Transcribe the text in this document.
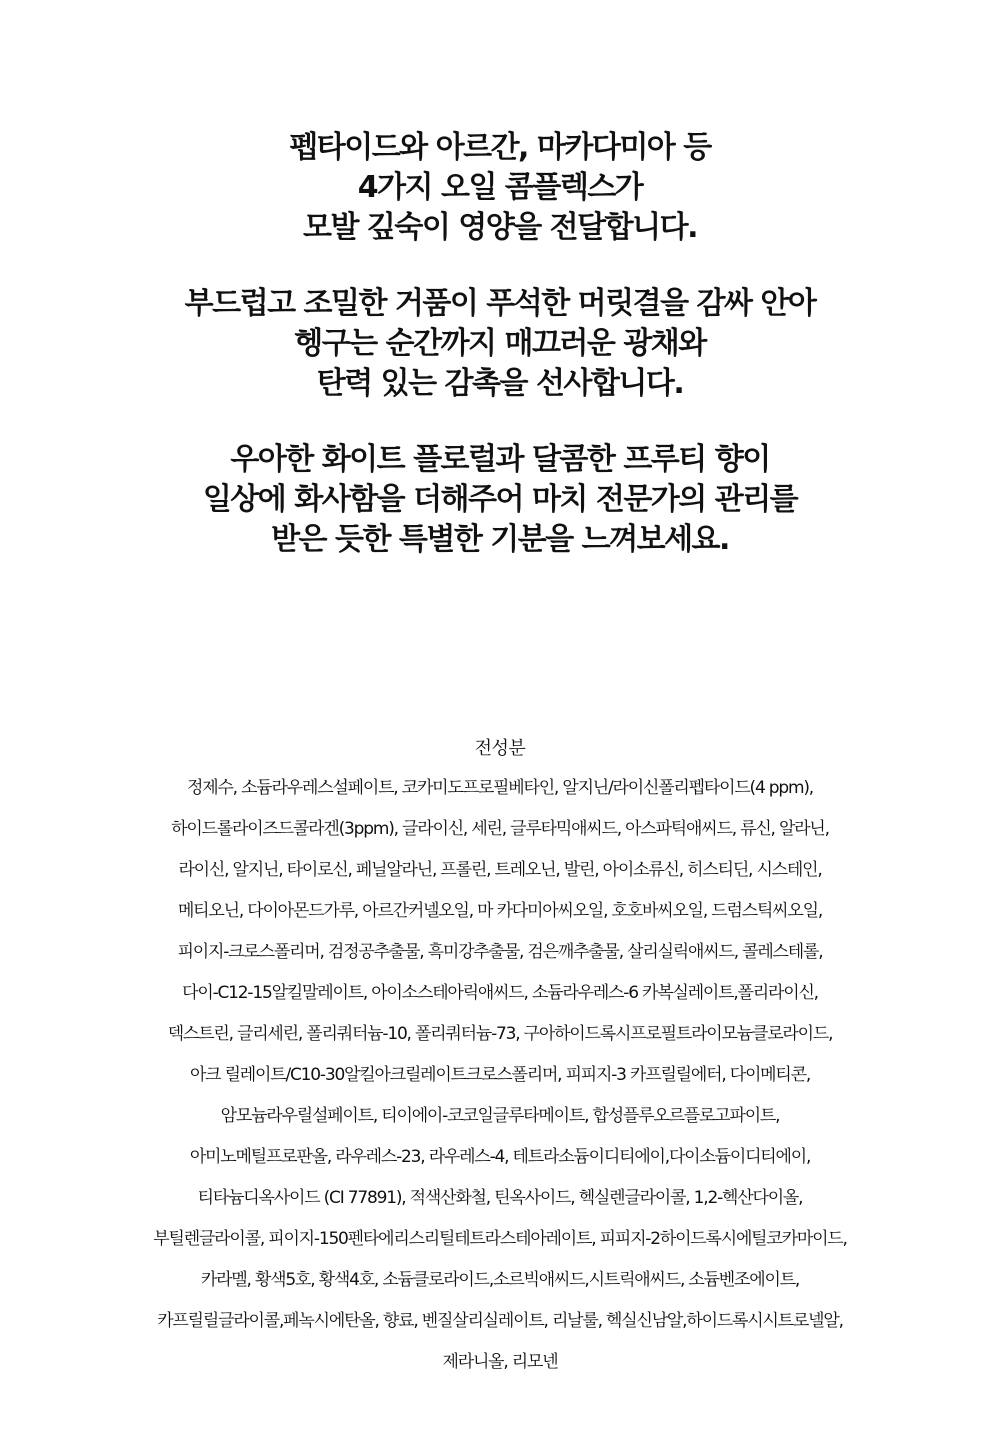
펩타이드와 아르간, 마카다미아 등
4가지 오일 콤플렉스가
모발 깊숙이 영양을 전달합니다.
부드럽고 조밀한 거품이 푸석한 머릿결을 감싸 안아
헹구는 순간까지 매끄러운 광채와
탄력 있는 감촉을 선사합니다.
우아한 화이트 플로럴과 달콤한 프루티 향이
일상에 화사함을 더해주어 마치 전문가의 관리를
받은 듯한 특별한 기분을 느껴보세요.
전성분
정제수, 소듐라우레스설페이트, 코카미도프로필베타인, 알지닌/라이신폴리펩타이드(4 ppm),
하이드롤라이즈드콜라겐(3ppm), 글라이신, 세린, 글루타믹애씨드, 아스파틱애씨드, 류신, 알라닌,
라이신, 알지닌, 타이로신, 페닐알라닌, 프롤린, 트레오닌, 발린, 아이소류신, 히스티딘, 시스테인,
메티오닌, 다이아몬드가루, 아르간커넬오일, 마 카다미아씨오일, 호호바씨오일, 드럼스틱씨오일,
피이지-크로스폴리머, 검정공추출물, 흑미강추출물, 검은깨추출물, 살리실릭애씨드, 콜레스테롤,
다이-C12-15알킬말레이트, 아이소스테아릭애씨드, 소듐라우레스-6 카복실레이트,폴리라이신,
덱스트린, 글리세린, 폴리쿼터늄-10, 폴리쿼터늄-73, 구아하이드록시프로필트라이모늄클로라이드,
아크 릴레이트/C10-30알킬아크릴레이트크로스폴리머, 피피지-3 카프릴릴에터, 다이메티콘,
암모늄라우릴설페이트, 티이에이-코코일글루타메이트, 합성플루오르플로고파이트,
아미노메틸프로판올, 라우레스-23, 라우레스-4, 테트라소듐이디티에이,다이소듐이디티에이,
티타늄디옥사이드 (CI 77891), 적색산화철, 틴옥사이드, 헥실렌글라이콜, 1,2-헥산다이올,
부틸렌글라이콜, 피이지-150펜타에리스리틸테트라스테아레이트, 피피지-2하이드록시에틸코카마이드,
카라멜, 황색5호, 황색4호, 소듐클로라이드,소르빅애씨드,시트릭애씨드, 소듐벤조에이트,
카프릴릴글라이콜,페녹시에탄올, 향료, 벤질살리실레이트, 리날룰, 헥실신남알,하이드록시시트로넬알,
제라니올, 리모넨
